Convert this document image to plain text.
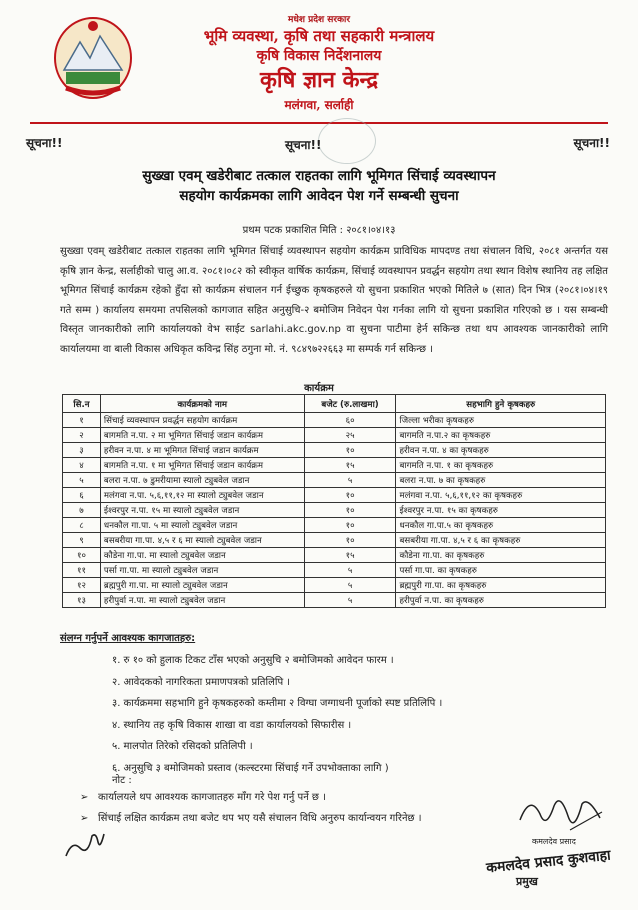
मधेश प्रदेश सरकार
भूमि व्यवस्था, कृषि तथा सहकारी मन्त्रालय
कृषि विकास निर्देशनालय
कृषि ज्ञान केन्द्र
मलंगवा, सर्लाही
सूचना!!	सूचना!!	सूचना!!
सुख्खा एवम् खडेरीबाट तत्काल राहतका लागि भूमिगत सिंचाई व्यवस्थापन
सहयोग कार्यक्रमका लागि आवेदन पेश गर्ने सम्बन्धी सुचना
प्रथम पटक प्रकाशित मिति : २०८१।०४।१३
सुख्खा एवम् खडेरीबाट तत्काल राहतका लागि भूमिगत सिंचाई व्यवस्थापन सहयोग कार्यक्रम प्राविधिक मापदण्ड तथा संचालन विधि, २०८१ अन्तर्गत यस कृषि ज्ञान केन्द्र, सर्लाहीको चालु आ.व. २०८१।०८२ को स्वीकृत वार्षिक कार्यक्रम, सिंचाई व्यवस्थापन प्रवर्द्धन सहयोग तथा स्थान विशेष स्थानिय तह लक्षित भूमिगत सिंचाई कार्यक्रम रहेको हुँदा सो कार्यक्रम संचालन गर्न ईच्छुक कृषकहरुले यो सुचना प्रकाशित भएको मितिले ७ (सात) दिन भित्र (२०८१।०४।१९ गते सम्म ) कार्यालय समयमा तपसिलको कागजात सहित अनुसुचि-२ बमोजिम निवेदन पेश गर्नका लागि यो सुचना प्रकाशित गरिएको छ । यस सम्बन्धी विस्तृत जानकारीको लागि कार्यालयको वेभ साईट sarlahi.akc.gov.np वा सुचना पाटीमा हेर्न सकिन्छ तथा थप आवश्यक जानकारीको लागि कार्यालयमा वा बाली विकास अधिकृत कविन्द्र सिंह ठगुना मो. नं. ९८४९७२२६६३ मा सम्पर्क गर्न सकिन्छ ।
कार्यक्रम
सि.न	कार्यक्रमको नाम	बजेट (रु.लाखमा)	सहभागि हुने कृषकहरु
१	सिंचाई व्यवस्थापन प्रवर्द्धन सहयोग कार्यक्रम	६०	जिल्ला भरीका कृषकहरु
२	बागमति न.पा. २ मा भूमिगत सिंचाई जडान कार्यक्रम	२५	बागमति न.पा.२ का कृषकहरु
३	हरीवन न.पा. ४ मा भूमिगत सिंचाई जडान कार्यक्रम	१०	हरीवन न.पा. ४ का कृषकहरु
४	बागमति न.पा. १ मा भूमिगत सिंचाई जडान कार्यक्रम	१५	बागमति न.पा. १ का कृषकहरु
५	बलरा न.पा. ७ डुमरीयामा स्यालो ट्युबवेल जडान	५	बलरा न.पा. ७ का कृषकहरु
६	मलंगवा न.पा. ५,६,११,१२ मा स्यालो ट्युबवेल जडान	१०	मलंगवा न.पा. ५,६,११,१२ का कृषकहरु
७	ईश्वरपुर न.पा. १५ मा स्यालो ट्युबवेल जडान	१०	ईश्वरपुर न.पा. १५ का कृषकहरु
८	धनकौल गा.पा. ५ मा स्यालो ट्युबवेल जडान	१०	धनकौल गा.पा.५ का कृषकहरु
९	बसबरीया गा.पा. ४,५ र ६ मा स्यालो ट्युबवेल जडान	१०	बसबरीया गा.पा. ४,५ र ६ का कृषकहरु
१०	कौडेना गा.पा. मा स्यालो ट्युबवेल जडान	१५	कौडेना गा.पा. का कृषकहरु
११	पर्सा गा.पा. मा स्यालो ट्युबवेल जडान	५	पर्सा गा.पा. का कृषकहरु
१२	ब्रह्मपुरी गा.पा. मा स्यालो ट्युबवेल जडान	५	ब्रह्मपुरी गा.पा. का कृषकहरु
१३	हरीपुर्वा न.पा. मा स्यालो ट्युबवेल जडान	५	हरीपुर्वा न.पा. का कृषकहरु
संलग्न गर्नुपर्ने आवश्यक कागजातहरु:
१. रु १० को हुलाक टिकट टाँस भएको अनुसुचि २ बमोजिमको आवेदन फारम ।
२. आवेदकको नागरिकता प्रमाणपत्रको प्रतिलिपि ।
३. कार्यक्रममा सहभागि हुने कृषकहरुको कम्तीमा २ विग्घा जग्गाधनी पूर्जाको स्पष्ट प्रतिलिपि ।
४. स्थानिय तह कृषि विकास शाखा वा वडा कार्यालयको सिफारीस ।
५. मालपोत तिरेको रसिदको प्रतिलिपी ।
६. अनुसुचि ३ बमोजिमको प्रस्ताव (कल्स्टरमा सिंचाई गर्ने उपभोक्ताका लागि )
नोट :
➢ कार्यालयले थप आवश्यक कागजातहरु माँग गरे पेश गर्नु पर्ने छ ।
➢ सिंचाई लक्षित कार्यक्रम तथा बजेट थप भए यसै संचालन विधि अनुरुप कार्यान्वयन गरिनेछ ।
कमलदेव प्रसाद
कमलदेव प्रसाद कुशवाहा
प्रमुख
